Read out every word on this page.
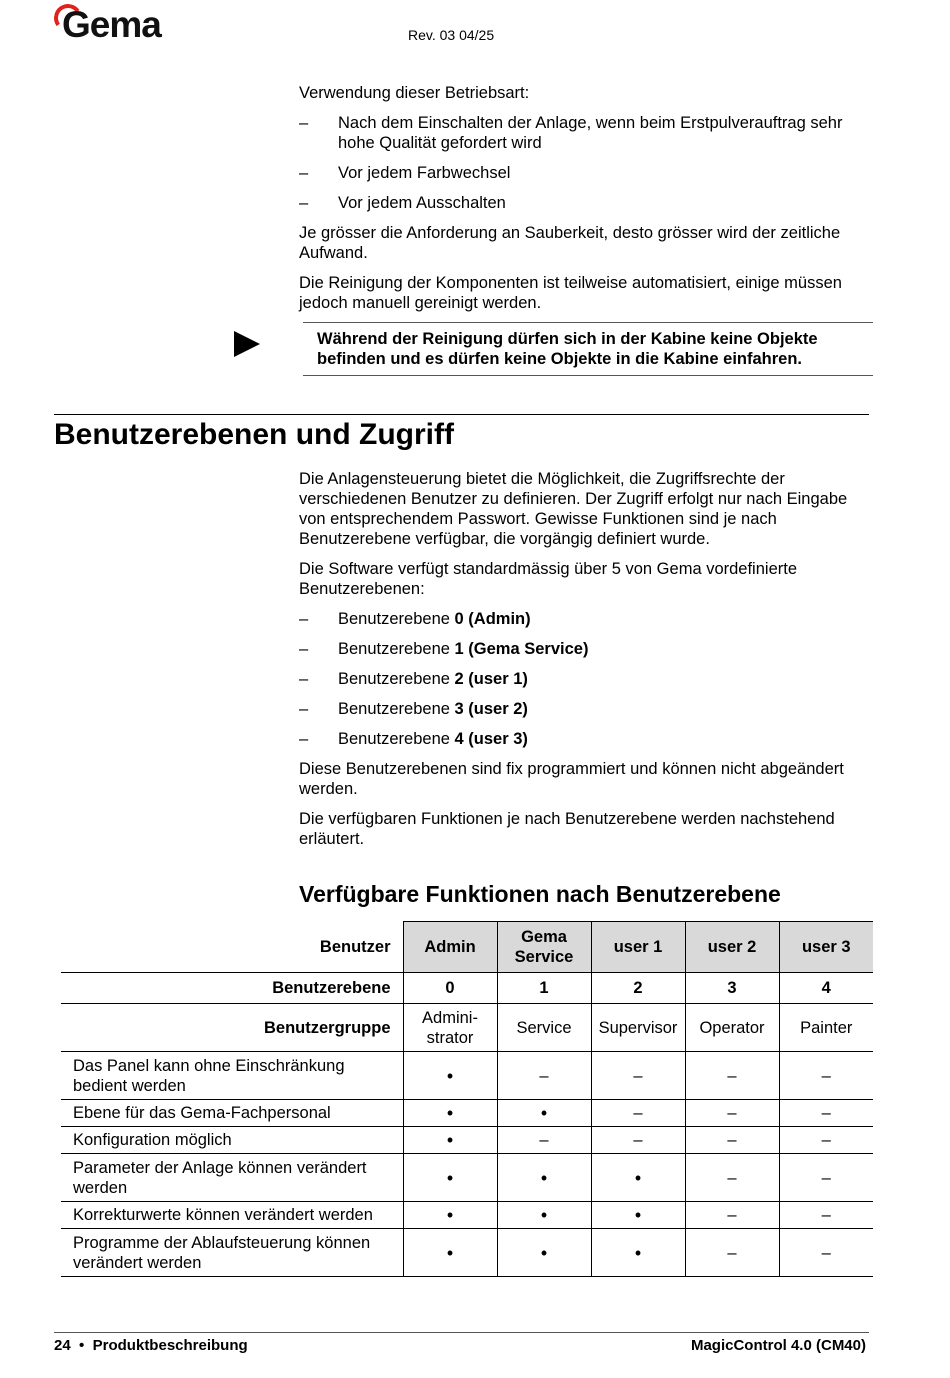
Gema	Rev. 03 04/25

Verwendung dieser Betriebsart:

– Nach dem Einschalten der Anlage, wenn beim Erstpulverauftrag sehr hohe Qualität gefordert wird
– Vor jedem Farbwechsel
– Vor jedem Ausschalten

Je grösser die Anforderung an Sauberkeit, desto grösser wird der zeitliche Aufwand.

Die Reinigung der Komponenten ist teilweise automatisiert, einige müssen jedoch manuell gereinigt werden.

Während der Reinigung dürfen sich in der Kabine keine Objekte befinden und es dürfen keine Objekte in die Kabine einfahren.
Benutzerebenen und Zugriff

Die Anlagensteuerung bietet die Möglichkeit, die Zugriffsrechte der verschiedenen Benutzer zu definieren. Der Zugriff erfolgt nur nach Eingabe von entsprechendem Passwort. Gewisse Funktionen sind je nach Benutzerebene verfügbar, die vorgängig definiert wurde.

Die Software verfügt standardmässig über 5 von Gema vordefinierte Benutzerebenen:

– Benutzerebene 0 (Admin)
– Benutzerebene 1 (Gema Service)
– Benutzerebene 2 (user 1)
– Benutzerebene 3 (user 2)
– Benutzerebene 4 (user 3)

Diese Benutzerebenen sind fix programmiert und können nicht abgeändert werden.

Die verfügbaren Funktionen je nach Benutzerebene werden nachstehend erläutert.

Verfügbare Funktionen nach Benutzerebene
Benutzer	Admin	Gema Service	user 1	user 2	user 3
Benutzerebene	0	1	2	3	4
Benutzergruppe	Admini-strator	Service	Supervisor	Operator	Painter
Das Panel kann ohne Einschränkung bedient werden	•	–	–	–	–
Ebene für das Gema-Fachpersonal	•	•	–	–	–
Konfiguration möglich	•	–	–	–	–
Parameter der Anlage können verändert werden	•	•	•	–	–
Korrekturwerte können verändert werden	•	•	•	–	–
Programme der Ablaufsteuerung können verändert werden	•	•	•	–	–
24 • Produktbeschreibung	MagicControl 4.0 (CM40)
